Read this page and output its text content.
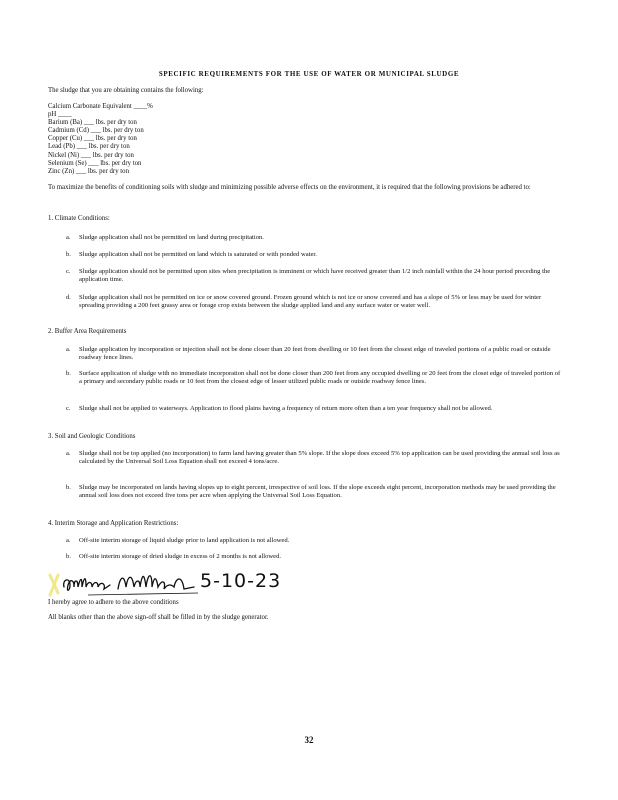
SPECIFIC REQUIREMENTS FOR THE USE OF WATER OR MUNICIPAL SLUDGE
The sludge that you are obtaining contains the following:
Calcium Carbonate Equivalent ____%
pH ____
Barium (Ba) ___ lbs. per dry ton
Cadmium (Cd) ___ lbs. per dry ton
Copper (Cu) ___ lbs. per dry ton
Lead (Pb) ___ lbs. per dry ton
Nickel (Ni) ___ lbs. per dry ton
Selenium (Se) ___ lbs. per dry ton
Zinc (Zn) ___ lbs. per dry ton
To maximize the benefits of conditioning soils with sludge and minimizing possible adverse effects on the environment, it is required that the following provisions be adhered to:
1. Climate Conditions:
a.	Sludge application shall not be permitted on land during precipitation.
b.	Sludge application shall not be permitted on land which is saturated or with ponded water.
c.	Sludge application should not be permitted upon sites when precipitation is imminent or which have received greater than 1/2 inch rainfall within the 24 hour period preceding the application time.
d.	Sludge application shall not be permitted on ice or snow covered ground. Frozen ground which is not ice or snow covered and has a slope of 5% or less may be used for winter spreading providing a 200 feet grassy area or forage crop exists between the sludge applied land and any surface water or water well.
2. Buffer Area Requirements
a.	Sludge application by incorporation or injection shall not be done closer than 20 feet from dwelling or 10 feet from the closest edge of traveled portions of a public road or outside roadway fence lines.
b.	Surface application of sludge with no immediate incorporation shall not be done closer than 200 feet from any occupied dwelling or 20 feet from the closet edge of traveled portion of a primary and secondary public roads or 10 feet from the closest edge of lesser utilized public roads or outside roadway fence lines.
c.	Sludge shall not be applied to waterways. Application to flood plains having a frequency of return more often than a ten year frequency shall not be allowed.
3. Soil and Geologic Conditions
a.	Sludge shall not be top applied (no incorporation) to farm land having greater than 5% slope. If the slope does exceed 5% top application can be used providing the annual soil loss as calculated by the Universal Soil Loss Equation shall not exceed 4 tons/acre.
b.	Sludge may be incorporated on lands having slopes up to eight percent, irrespective of soil loss. If the slope exceeds eight percent, incorporation methods may be used providing the annual soil loss does not exceed five tons per acre when applying the Universal Soil Loss Equation.
4. Interim Storage and Application Restrictions:
a.	Off-site interim storage of liquid sludge prior to land application is not allowed.
b.	Off-site interim storage of dried sludge in excess of 2 months is not allowed.
5-10-23
I hereby agree to adhere to the above conditions
All blanks other than the above sign-off shall be filled in by the sludge generator.
32
